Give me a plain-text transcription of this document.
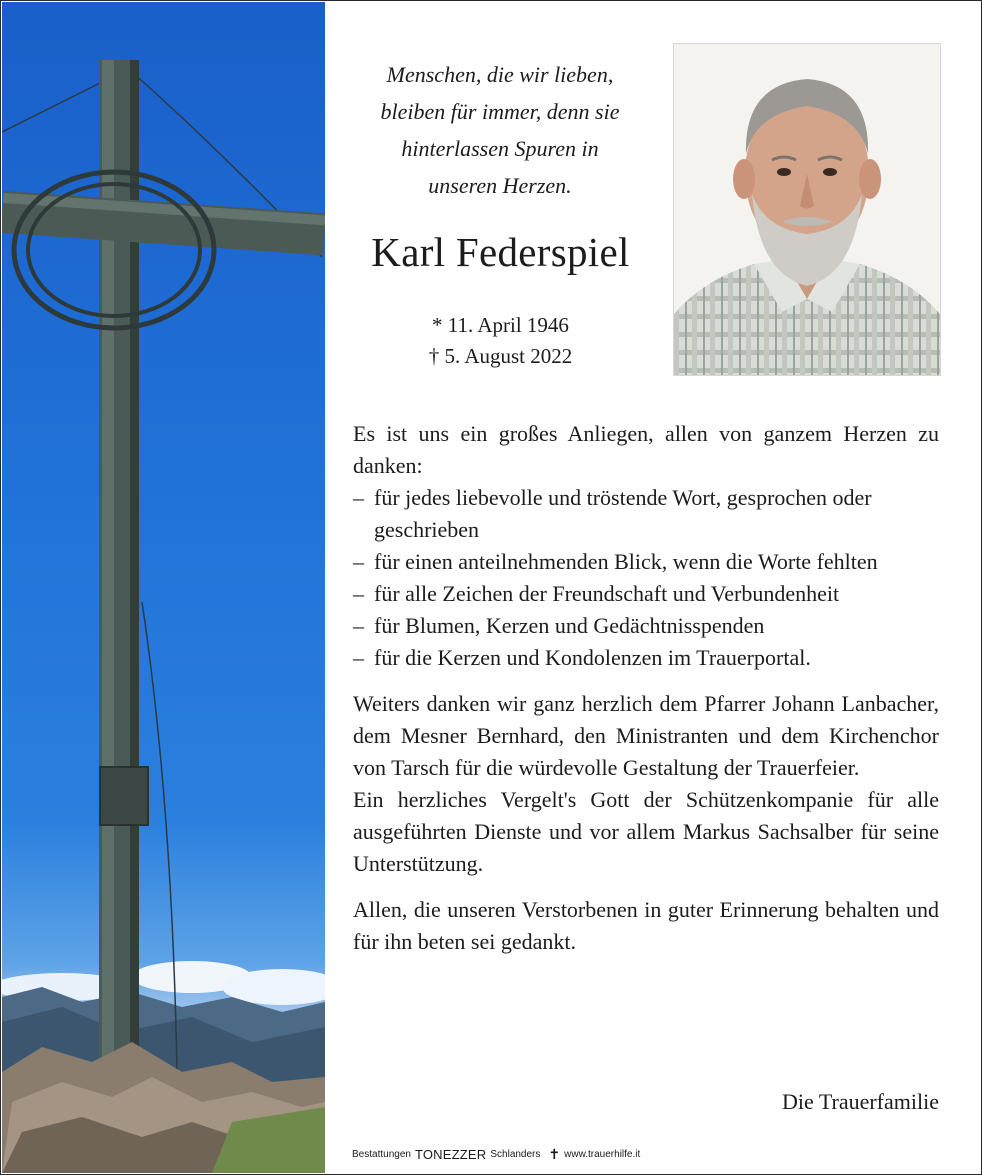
Menschen, die wir lieben,
bleiben für immer, denn sie
hinterlassen Spuren in
unseren Herzen.
Karl Federspiel
* 11. April 1946
† 5. August 2022

Es ist uns ein großes Anliegen, allen von ganzem Herzen zu danken:

– für jedes liebevolle und tröstende Wort, gesprochen oder geschrieben
– für einen anteilnehmenden Blick, wenn die Worte fehlten
– für alle Zeichen der Freundschaft und Verbundenheit
– für Blumen, Kerzen und Gedächtnisspenden
– für die Kerzen und Kondolenzen im Trauerportal.

Weiters danken wir ganz herzlich dem Pfarrer Johann Lanbacher, dem Mesner Bernhard, den Ministranten und dem Kirchenchor von Tarsch für die würdevolle Gestaltung der Trauerfeier.

Ein herzliches Vergelt's Gott der Schützenkompanie für alle ausgeführten Dienste und vor allem Markus Sachsalber für seine Unterstützung.

Allen, die unseren Verstorbenen in guter Erinnerung behalten und für ihn beten sei gedankt.

Die Trauerfamilie
Bestattungen TONEZZER Schlanders ✝ www.trauerhilfe.it
